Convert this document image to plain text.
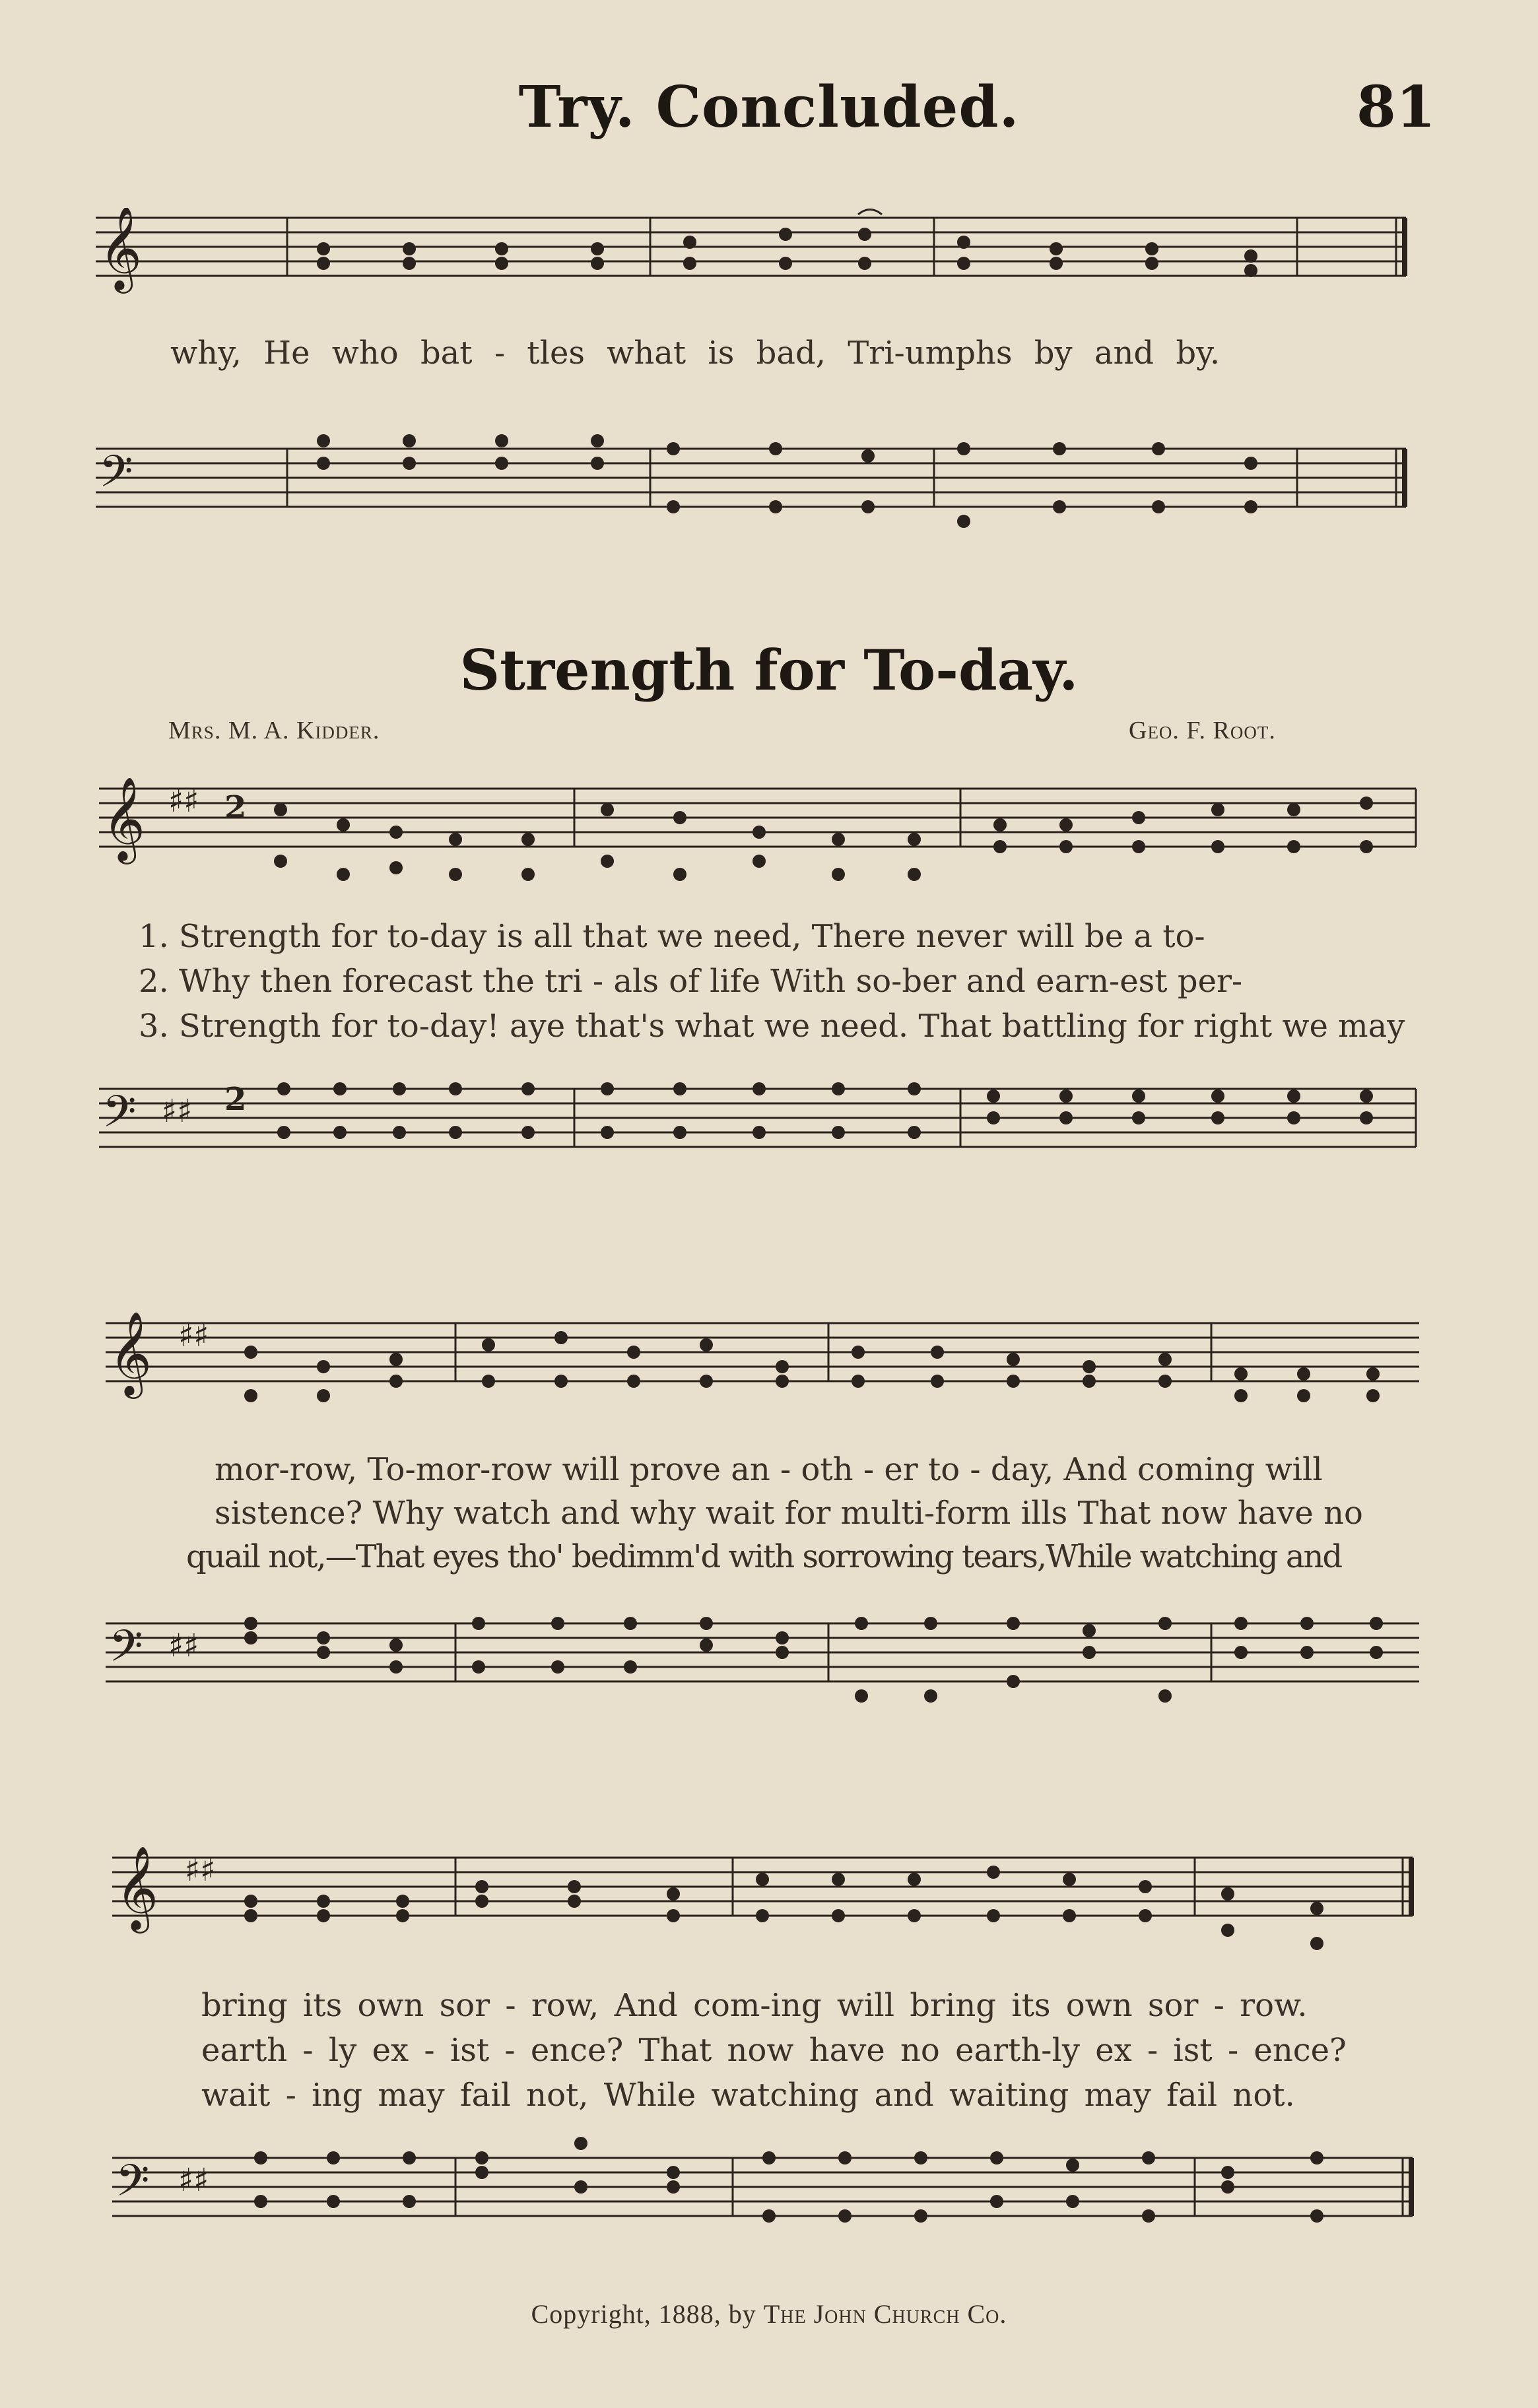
Try. Concluded.	81
𝄞
why, He who bat - tles what is bad, Tri-umphs by and by.
𝄢
Strength for To-day.
Mrs. M. A. Kidder.	Geo. F. Root.
𝄞 ♯♯ 2
1. Strength for to-day is all that we need, There never will be a to-
2. Why then forecast the tri - als of life With so-ber and earn-est per-
3. Strength for to-day! aye that's what we need. That battling for right we may
𝄢 ♯♯ 2
𝄞 ♯♯
mor-row, To-mor-row will prove an - oth - er to - day, And coming will
sistence? Why watch and why wait for multi-form ills That now have no
quail not,—That eyes tho' bedimm'd with sorrowing tears,While watching and
𝄢 ♯♯
𝄞 ♯♯
bring its own sor - row, And com-ing will bring its own sor - row.
earth - ly ex - ist - ence? That now have no earth-ly ex - ist - ence?
wait - ing may fail not, While watching and waiting may fail not.
𝄢 ♯♯
Copyright, 1888, by The John Church Co.
